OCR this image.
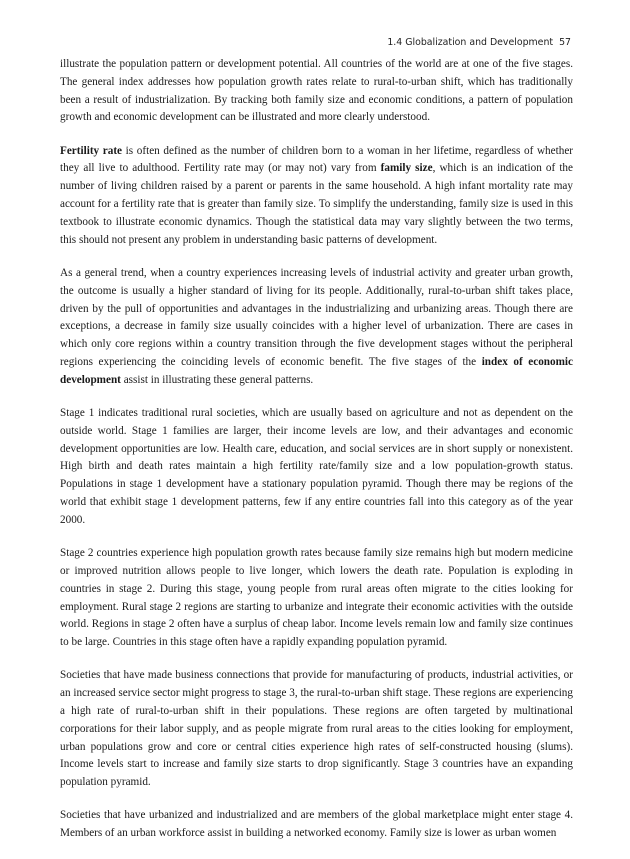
1.4 Globalization and Development 57

illustrate the population pattern or development potential. All countries of the world are at one of the five stages. The general index addresses how population growth rates relate to rural-to-urban shift, which has traditionally been a result of industrialization. By tracking both family size and economic conditions, a pattern of population growth and economic development can be illustrated and more clearly understood.

Fertility rate is often defined as the number of children born to a woman in her lifetime, regardless of whether they all live to adulthood. Fertility rate may (or may not) vary from family size, which is an indication of the number of living children raised by a parent or parents in the same household. A high infant mortality rate may account for a fertility rate that is greater than family size. To simplify the understanding, family size is used in this textbook to illustrate economic dynamics. Though the statistical data may vary slightly between the two terms, this should not present any problem in understanding basic patterns of development.

As a general trend, when a country experiences increasing levels of industrial activity and greater urban growth, the outcome is usually a higher standard of living for its people. Additionally, rural-to-urban shift takes place, driven by the pull of opportunities and advantages in the industrializing and urbanizing areas. Though there are exceptions, a decrease in family size usually coincides with a higher level of urbanization. There are cases in which only core regions within a country transition through the five development stages without the peripheral regions experiencing the coinciding levels of economic benefit. The five stages of the index of economic development assist in illustrating these general patterns.

Stage 1 indicates traditional rural societies, which are usually based on agriculture and not as dependent on the outside world. Stage 1 families are larger, their income levels are low, and their advantages and economic development opportunities are low. Health care, education, and social services are in short supply or nonexistent. High birth and death rates maintain a high fertility rate/family size and a low population-growth status. Populations in stage 1 development have a stationary population pyramid. Though there may be regions of the world that exhibit stage 1 development patterns, few if any entire countries fall into this category as of the year 2000.

Stage 2 countries experience high population growth rates because family size remains high but modern medicine or improved nutrition allows people to live longer, which lowers the death rate. Population is exploding in countries in stage 2. During this stage, young people from rural areas often migrate to the cities looking for employment. Rural stage 2 regions are starting to urbanize and integrate their economic activities with the outside world. Regions in stage 2 often have a surplus of cheap labor. Income levels remain low and family size continues to be large. Countries in this stage often have a rapidly expanding population pyramid.

Societies that have made business connections that provide for manufacturing of products, industrial activities, or an increased service sector might progress to stage 3, the rural-to-urban shift stage. These regions are experiencing a high rate of rural-to-urban shift in their populations. These regions are often targeted by multinational corporations for their labor supply, and as people migrate from rural areas to the cities looking for employment, urban populations grow and core or central cities experience high rates of self-constructed housing (slums). Income levels start to increase and family size starts to drop significantly. Stage 3 countries have an expanding population pyramid.

Societies that have urbanized and industrialized and are members of the global marketplace might enter stage 4. Members of an urban workforce assist in building a networked economy. Family size is lower as urban women
